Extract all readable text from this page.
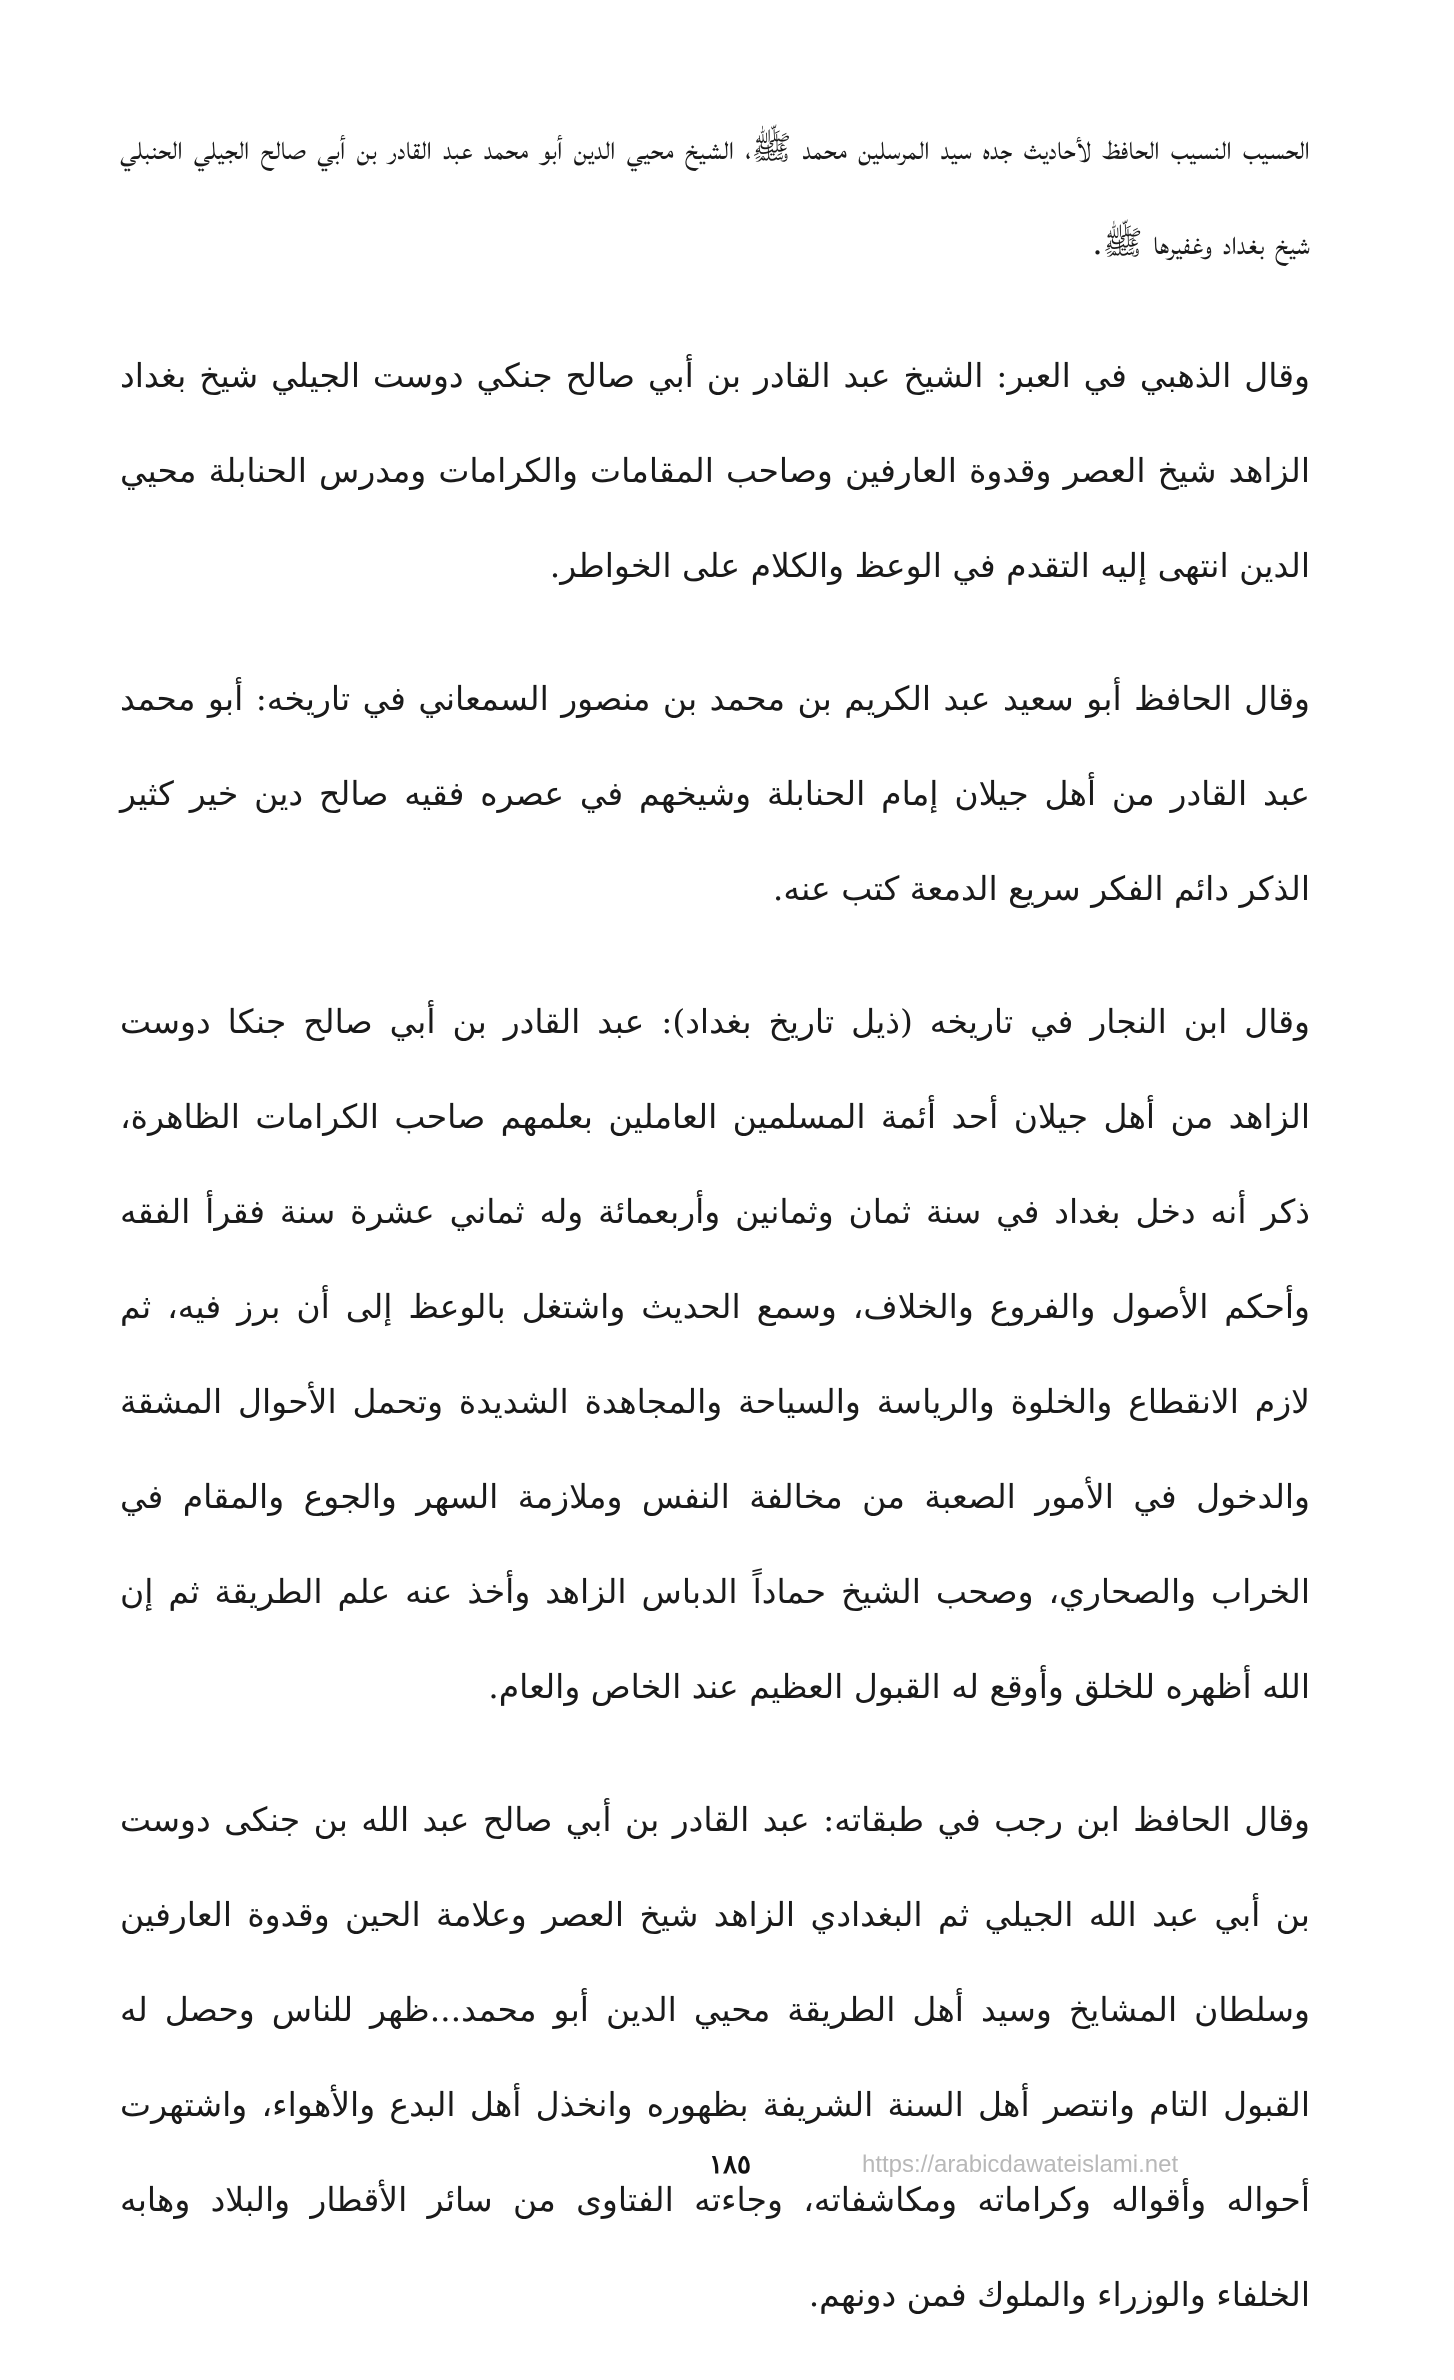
الحسيب النسيب الحافظ لأحاديث جده سيد المرسلين محمد ﷺ، الشيخ محيي الدين أبو محمد عبد القادر بن أبي صالح الجيلي الحنبلي شيخ بغداد وغفيرها ﷺ.

وقال الذهبي في العبر: الشيخ عبد القادر بن أبي صالح جنكي دوست الجيلي شيخ بغداد الزاهد شيخ العصر وقدوة العارفين وصاحب المقامات والكرامات ومدرس الحنابلة محيي الدين انتهى إليه التقدم في الوعظ والكلام على الخواطر.

وقال الحافظ أبو سعيد عبد الكريم بن محمد بن منصور السمعاني في تاريخه: أبو محمد عبد القادر من أهل جيلان إمام الحنابلة وشيخهم في عصره فقيه صالح دين خير كثير الذكر دائم الفكر سريع الدمعة كتب عنه.

وقال ابن النجار في تاريخه (ذيل تاريخ بغداد): عبد القادر بن أبي صالح جنكا دوست الزاهد من أهل جيلان أحد أئمة المسلمين العاملين بعلمهم صاحب الكرامات الظاهرة، ذكر أنه دخل بغداد في سنة ثمان وثمانين وأربعمائة وله ثماني عشرة سنة فقرأ الفقه وأحكم الأصول والفروع والخلاف، وسمع الحديث واشتغل بالوعظ إلى أن برز فيه، ثم لازم الانقطاع والخلوة والرياسة والسياحة والمجاهدة الشديدة وتحمل الأحوال المشقة والدخول في الأمور الصعبة من مخالفة النفس وملازمة السهر والجوع والمقام في الخراب والصحاري، وصحب الشيخ حماداً الدباس الزاهد وأخذ عنه علم الطريقة ثم إن الله أظهره للخلق وأوقع له القبول العظيم عند الخاص والعام.

وقال الحافظ ابن رجب في طبقاته: عبد القادر بن أبي صالح عبد الله بن جنكى دوست بن أبي عبد الله الجيلي ثم البغدادي الزاهد شيخ العصر وعلامة الحين وقدوة العارفين وسلطان المشايخ وسيد أهل الطريقة محيي الدين أبو محمد...ظهر للناس وحصل له القبول التام وانتصر أهل السنة الشريفة بظهوره وانخذل أهل البدع والأهواء، واشتهرت أحواله وأقواله وكراماته ومكاشفاته، وجاءته الفتاوى من سائر الأقطار والبلاد وهابه الخلفاء والوزراء والملوك فمن دونهم.

١٨٥	https://arabicdawateislami.net
